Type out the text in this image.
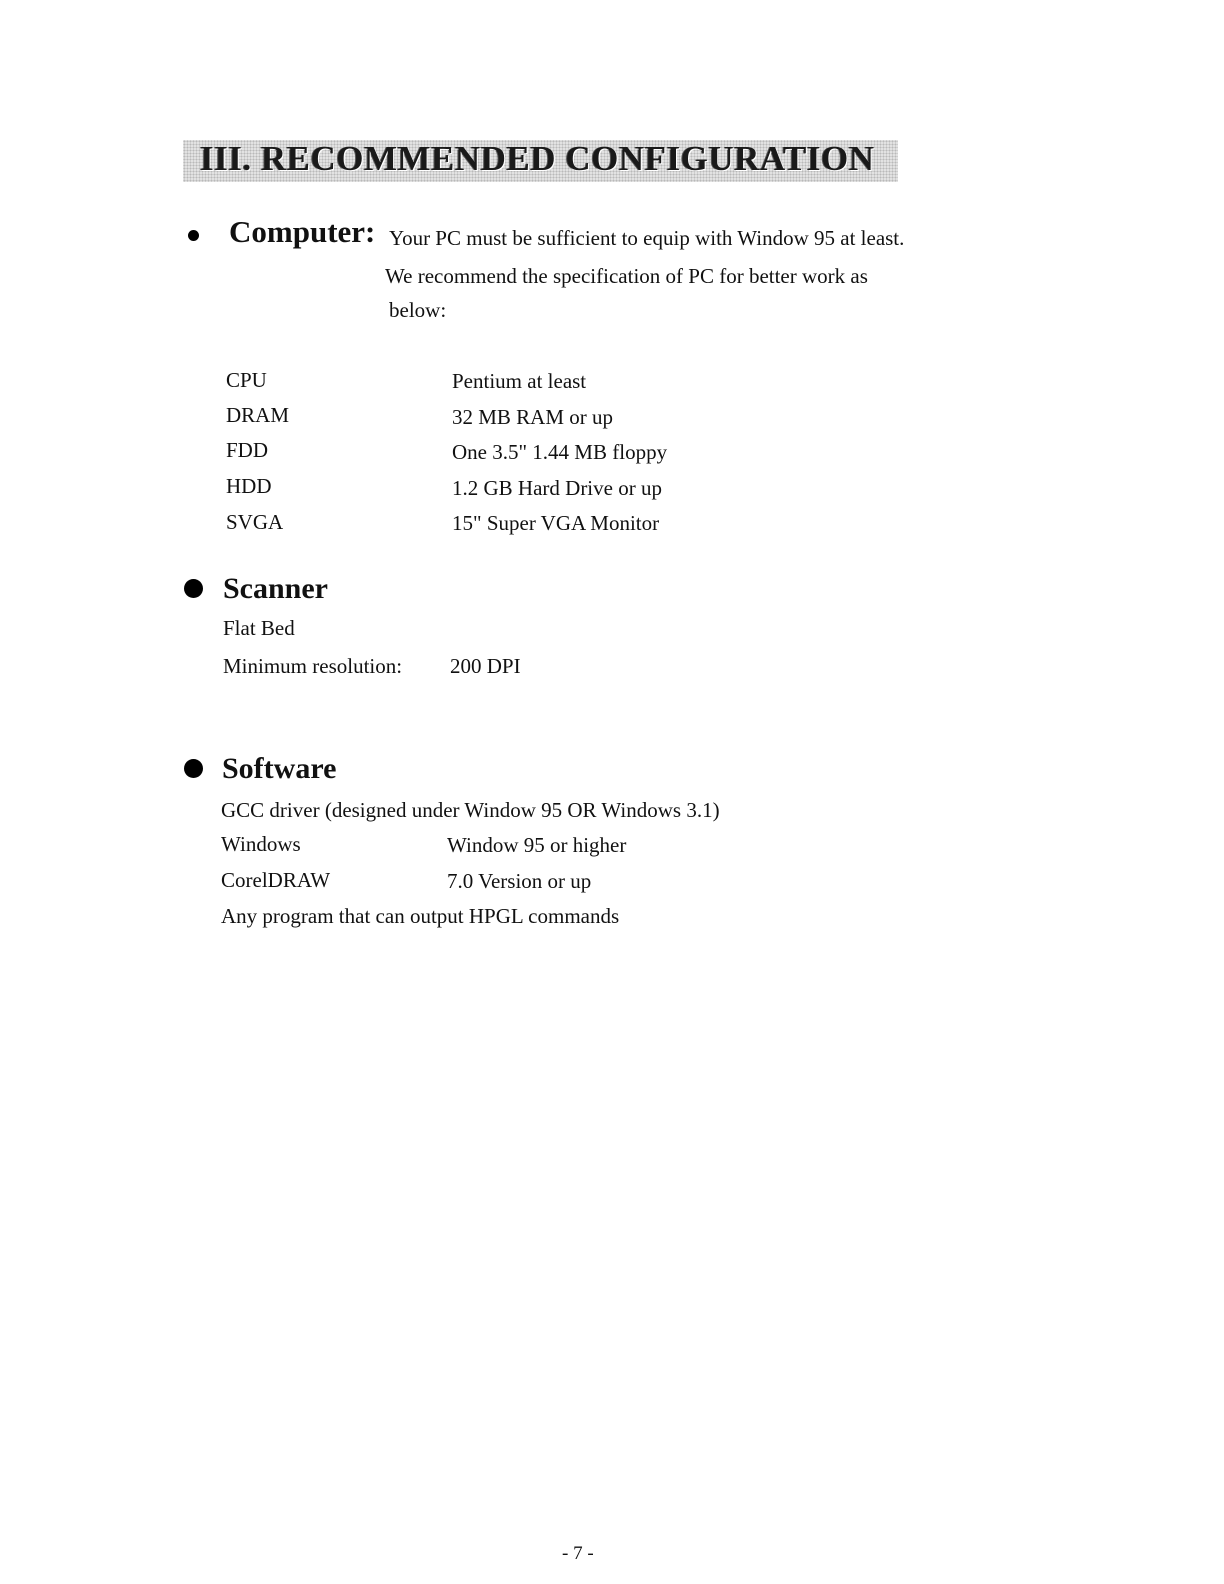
III. RECOMMENDED CONFIGURATION
Computer: Your PC must be sufficient to equip with Window 95 at least.
We recommend the specification of PC for better work as
below:
CPU	Pentium at least
DRAM	32 MB RAM or up
FDD	One 3.5" 1.44 MB floppy
HDD	1.2 GB Hard Drive or up
SVGA	15" Super VGA Monitor
Scanner
Flat Bed
Minimum resolution: 200 DPI
Software
GCC driver (designed under Window 95 OR Windows 3.1)
Windows	Window 95 or higher
CorelDRAW	7.0 Version or up
Any program that can output HPGL commands
- 7 -
